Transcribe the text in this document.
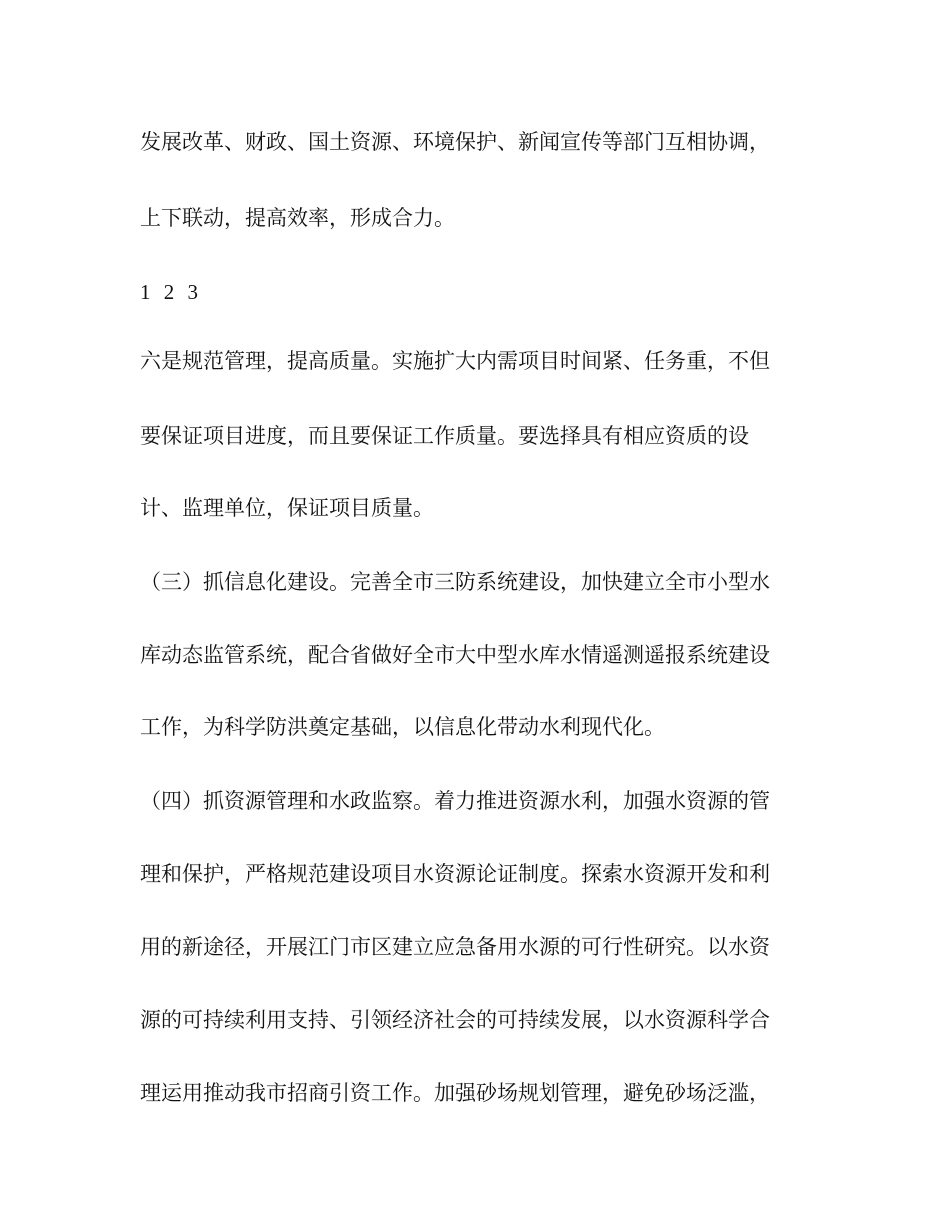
发展改革、财政、国土资源、环境保护、新闻宣传等部门互相协调，
上下联动，提高效率，形成合力。
1 2 3
六是规范管理，提高质量。实施扩大内需项目时间紧、任务重，不但
要保证项目进度，而且要保证工作质量。要选择具有相应资质的设
计、监理单位，保证项目质量。
（三）抓信息化建设。完善全市三防系统建设，加快建立全市小型水
库动态监管系统，配合省做好全市大中型水库水情遥测遥报系统建设
工作，为科学防洪奠定基础，以信息化带动水利现代化。
（四）抓资源管理和水政监察。着力推进资源水利，加强水资源的管
理和保护，严格规范建设项目水资源论证制度。探索水资源开发和利
用的新途径，开展江门市区建立应急备用水源的可行性研究。以水资
源的可持续利用支持、引领经济社会的可持续发展，以水资源科学合
理运用推动我市招商引资工作。加强砂场规划管理，避免砂场泛滥，
